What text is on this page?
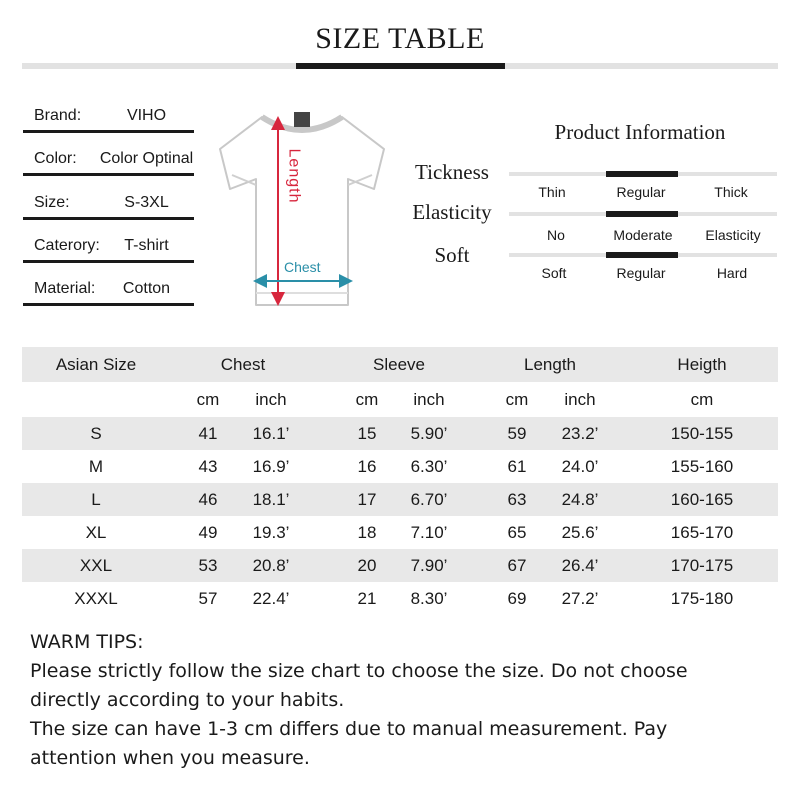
SIZE TABLE
Brand:	VIHO
Color: Color Optinal
Size:	S-3XL
Caterory:	T-shirt
Material:	Cotton
Length
Chest
Product Information
Tickness
Thin	Regular	Thick
Elasticity
No	Moderate	Elasticity
Soft
Soft	Regular	Hard
Asian Size	Chest	Sleeve	Length	Heigth
cm	inch	cm	inch	cm	inch	cm
S	41	16.1’	15	5.90’	59	23.2’	150-155
M	43	16.9’	16	6.30’	61	24.0’	155-160
L	46	18.1’	17	6.70’	63	24.8’	160-165
XL	49	19.3’	18	7.10’	65	25.6’	165-170
XXL	53	20.8’	20	7.90’	67	26.4’	170-175
XXXL	57	22.4’	21	8.30’	69	27.2’	175-180
WARM TIPS:
Please strictly follow the size chart to choose the size. Do not choose
directly according to your habits.
The size can have 1-3 cm differs due to manual measurement. Pay
attention when you measure.
